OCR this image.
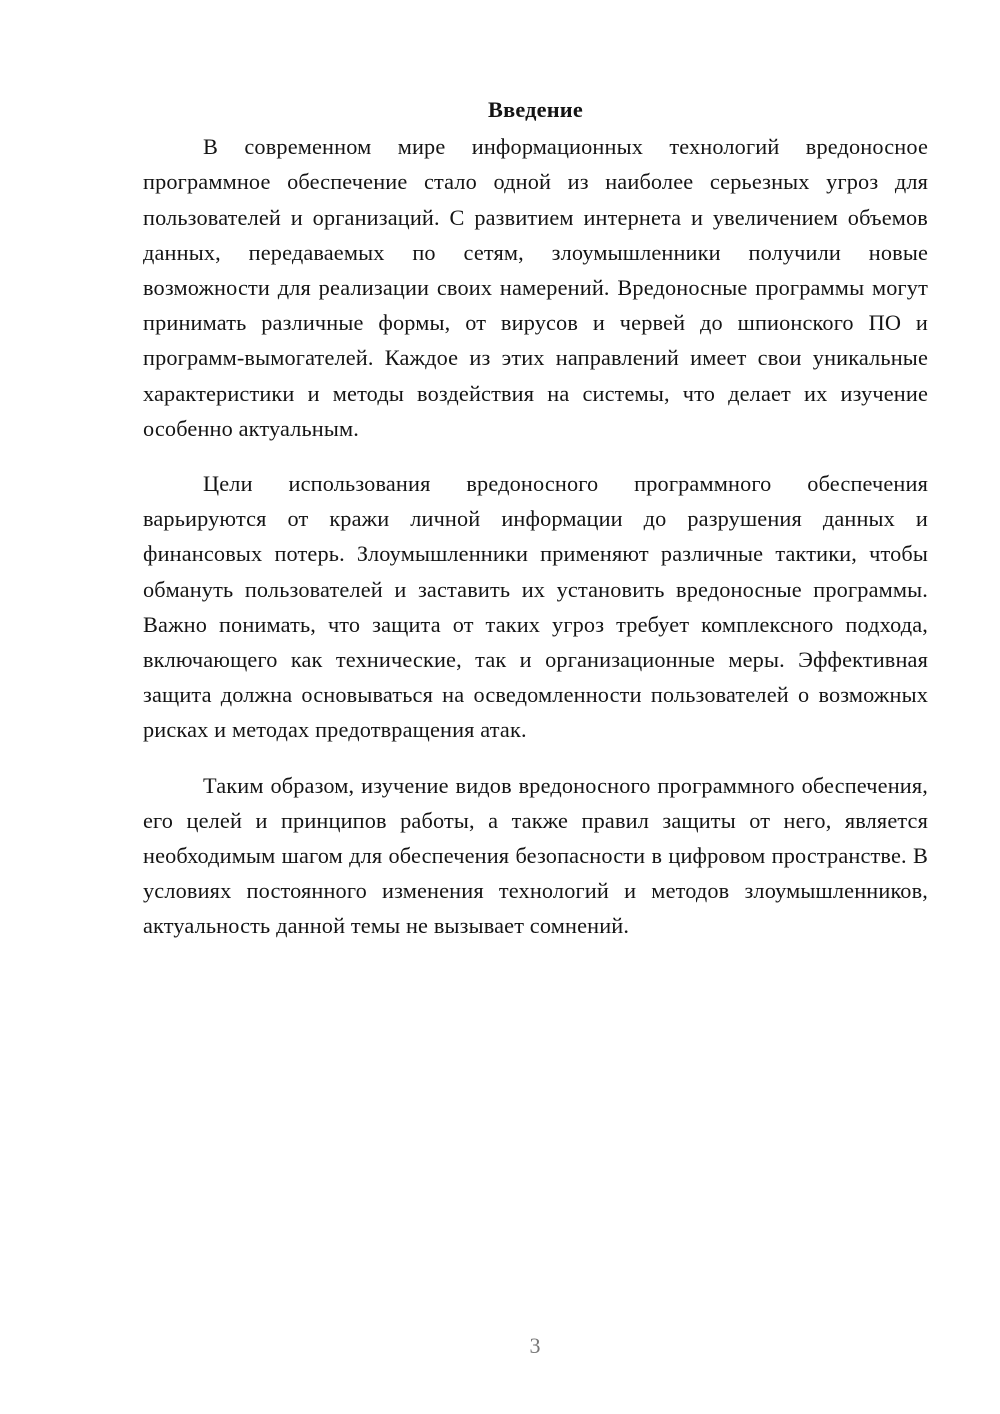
Введение

В современном мире информационных технологий вредоносное программное обеспечение стало одной из наиболее серьезных угроз для пользователей и организаций. С развитием интернета и увеличением объемов данных, передаваемых по сетям, злоумышленники получили новые возможности для реализации своих намерений. Вредоносные программы могут принимать различные формы, от вирусов и червей до шпионского ПО и программ-вымогателей. Каждое из этих направлений имеет свои уникальные характеристики и методы воздействия на системы, что делает их изучение особенно актуальным.

Цели использования вредоносного программного обеспечения варьируются от кражи личной информации до разрушения данных и финансовых потерь. Злоумышленники применяют различные тактики, чтобы обмануть пользователей и заставить их установить вредоносные программы. Важно понимать, что защита от таких угроз требует комплексного подхода, включающего как технические, так и организационные меры. Эффективная защита должна основываться на осведомленности пользователей о возможных рисках и методах предотвращения атак.

Таким образом, изучение видов вредоносного программного обеспечения, его целей и принципов работы, а также правил защиты от него, является необходимым шагом для обеспечения безопасности в цифровом пространстве. В условиях постоянного изменения технологий и методов злоумышленников, актуальность данной темы не вызывает сомнений.

3
